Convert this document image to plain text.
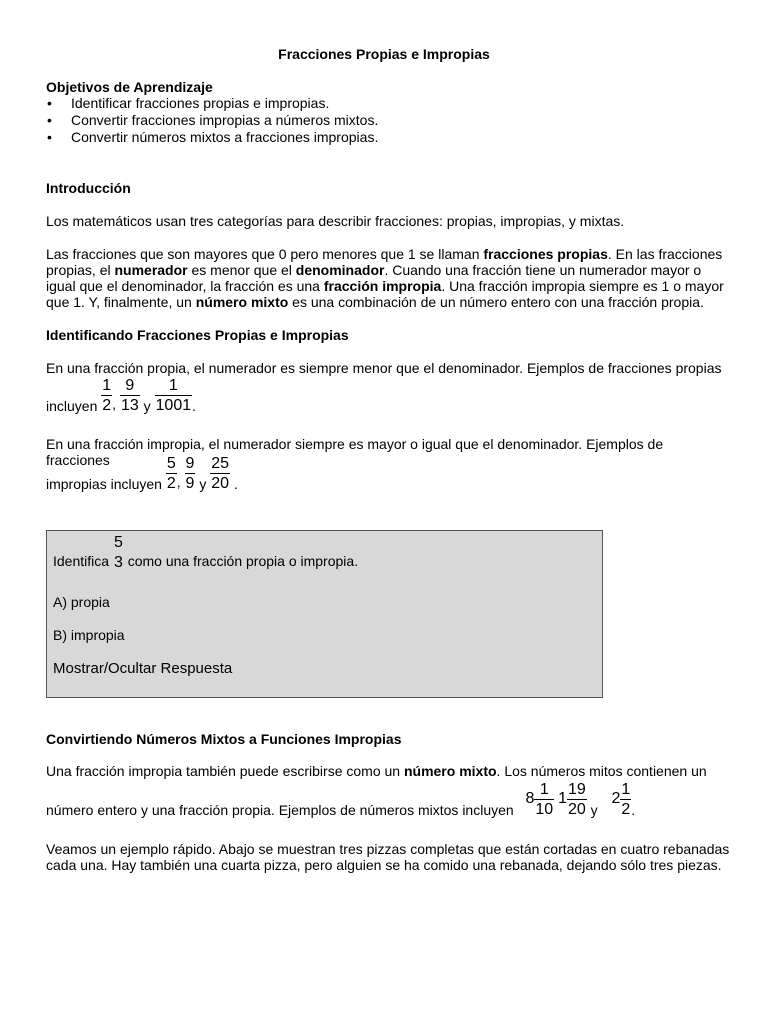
Fracciones Propias e Impropias
Objetivos de Aprendizaje
• Identificar fracciones propias e impropias.
• Convertir fracciones impropias a números mixtos.
• Convertir números mixtos a fracciones impropias.
Introducción
Los matemáticos usan tres categorías para describir fracciones: propias, impropias, y mixtas.
Las fracciones que son mayores que 0 pero menores que 1 se llaman fracciones propias. En las fracciones
propias, el numerador es menor que el denominador. Cuando una fracción tiene un numerador mayor o
igual que el denominador, la fracción es una fracción impropia. Una fracción impropia siempre es 1 o mayor
que 1. Y, finalmente, un número mixto es una combinación de un número entero con una fracción propia.
Identificando Fracciones Propias e Impropias
En una fracción propia, el numerador es siempre menor que el denominador. Ejemplos de fracciones propias
incluyen $\frac{1}{2}$ , $\frac{9}{13}$ y $\frac{1}{1001}$ .
En una fracción impropia, el numerador siempre es mayor o igual que el denominador. Ejemplos de fracciones
impropias incluyen $\frac{5}{2}$ , $\frac{9}{9}$ y $\frac{25}{20}$ .
Identifica
5
3 como una fracción propia o impropia.
A) propia
B) impropia
Mostrar/Ocultar Respuesta
Convirtiendo Números Mixtos a Funciones Impropias
Una fracción impropia también puede escribirse como un número mixto. Los números mitos contienen un
número entero y una fracción propia. Ejemplos de números mixtos incluyen  $8 \frac{1}{10} 1 \frac{19}{20}$ y  $2 \frac{1}{2}$ .
Veamos un ejemplo rápido. Abajo se muestran tres pizzas completas que están cortadas en cuatro rebanadas
cada una. Hay también una cuarta pizza, pero alguien se ha comido una rebanada, dejando sólo tres piezas.
